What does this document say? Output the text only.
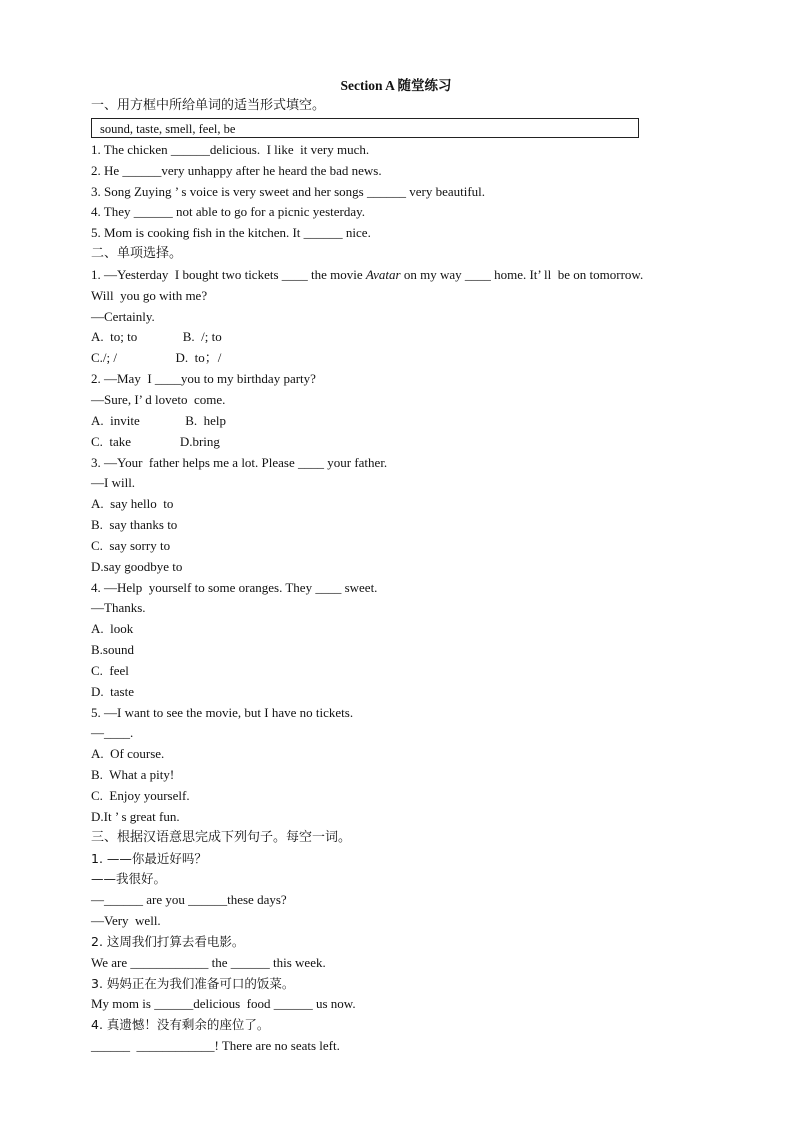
Section A 随堂练习
一、用方框中所给单词的适当形式填空。
sound, taste, smell, feel, be
1. The chicken ______delicious.  I like  it very much.
2. He ______very unhappy after he heard the bad news.
3. Song Zuying ’ s voice is very sweet and her songs ______ very beautiful.
4. They ______ not able to go for a picnic yesterday.
5. Mom is cooking fish in the kitchen. It ______ nice.
二、单项选择。
1. —Yesterday  I bought two tickets ____ the movie Avatar on my way ____ home. It’ ll  be on tomorrow.
Will  you go with me?
—Certainly.
A.  to; to              B.  /; to
C./; /                  D.  to；/
2. —May  I ____you to my birthday party?
—Sure, I’ d loveto  come.
A.  invite              B.  help
C.  take               D.bring
3. —Your  father helps me a lot. Please ____ your father.
—I will.
A.  say hello  to
B.  say thanks to
C.  say sorry to
D.say goodbye to
4. —Help  yourself to some oranges. They ____ sweet.
—Thanks.
A.  look
B.sound
C.  feel
D.  taste
5. —I want to see the movie, but I have no tickets.
—____.
A.  Of course.
B.  What a pity!
C.  Enjoy yourself.
D.It ’ s great fun.
三、根据汉语意思完成下列句子。每空一词。
1. ——你最近好吗？
——我很好。
—______ are you ______these days?
—Very  well.
2. 这周我们打算去看电影。
We are ____________ the ______ this week.
3. 妈妈正在为我们准备可口的饭菜。
My mom is ______delicious  food ______ us now.
4. 真遗憾！没有剩余的座位了。
______  ____________! There are no seats left.
